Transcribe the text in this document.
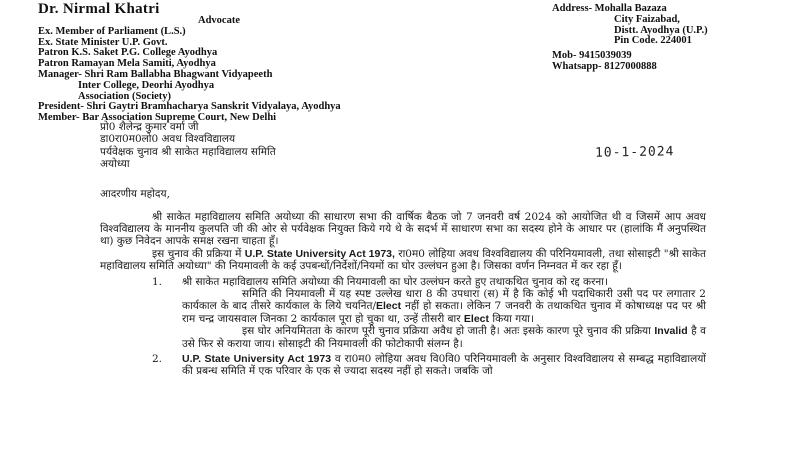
Dr. Nirmal Khatri
Advocate
Ex. Member of Parliament (L.S.)
Ex. State Minister U.P. Govt.
Patron K.S. Saket P.G. College Ayodhya
Patron Ramayan Mela Samiti, Ayodhya
Manager- Shri Ram Ballabha Bhagwant Vidyapeeth
Inter College, Deorhi Ayodhya
Association (Society)
President- Shri Gaytri Bramhacharya Sanskrit Vidyalaya, Ayodhya
Member- Bar Association Supreme Court, New Delhi
Address- Mohalla Bazaza
City Faizabad,
Distt. Ayodhya (U.P.)
Pin Code. 224001
Mob- 9415039039
Whatsapp- 8127000888
10-1-2024

प्रो0 शैलेन्द्र कुमार वर्मा जी

डा0रा0म0लो0 अवध विश्वविद्यालय

पर्यवेक्षक चुनाव श्री साकेत महाविद्यालय समिति

अयोध्या

आदरणीय महोदय,

श्री साकेत महाविद्यालय समिति अयोध्या की साधारण सभा की वार्षिक बैठक जो 7 जनवरी वर्ष 2024 को आयोजित थी व जिसमें आप अवध विश्वविद्यालय के माननीय कुलपति जी की ओर से पर्यवेक्षक नियुक्त किये गये थे के सदर्भ में साधारण सभा का सदस्य होने के आधार पर (हालांकि मैं अनुपस्थित था) कुछ निवेदन आपके समक्ष रखना चाहता हूँ।

इस चुनाव की प्रक्रिया में U.P. State University Act 1973, रा0म0 लोहिया अवध विश्वविद्यालय की परिनियमावली, तथा सोसाइटी "श्री साकेत महाविद्यालय समिति अयोध्या" की नियमावली के कई उपबन्धों/निर्देशों/नियमों का घोर उल्लंघन हुआ है। जिसका वर्णन निम्नवत में कर रहा हूँ।

1. श्री साकेत महाविद्यालय समिति अयोध्या की नियमावली का घोर उल्लंघन करते हुए तथाकथित चुनाव को रद्द करना।
समिति की नियमावली में यह स्पष्ट उल्लेख धारा 8 की उपधारा (स) में है कि कोई भी पदाधिकारी उसी पद पर लगातार 2 कार्यकाल के बाद तीसरे कार्यकाल के लिये चयनित/Elect नहीं हो सकता। लेकिन 7 जनवरी के तथाकथित चुनाव में कोषाध्यक्ष पद पर श्री राम चन्द्र जायसवाल जिनका 2 कार्यकाल पूरा हो चुका था, उन्हें तीसरी बार Elect किया गया।
इस घोर अनियमितता के कारण पूरी चुनाव प्रक्रिया अवैध हो जाती है। अतः इसके कारण पूरे चुनाव की प्रक्रिया Invalid है व उसे फिर से कराया जाय। सोसाइटी की नियमावली की फोटोकापी संलग्न है।
2. U.P. State University Act 1973 व रा0म0 लोहिया अवध वि0वि0 परिनियमावली के अनुसार विश्वविद्यालय से सम्बद्ध महाविद्यालयों की प्रबन्ध समिति में एक परिवार के एक से ज्यादा सदस्य नहीं हो सकते। जबकि जो
